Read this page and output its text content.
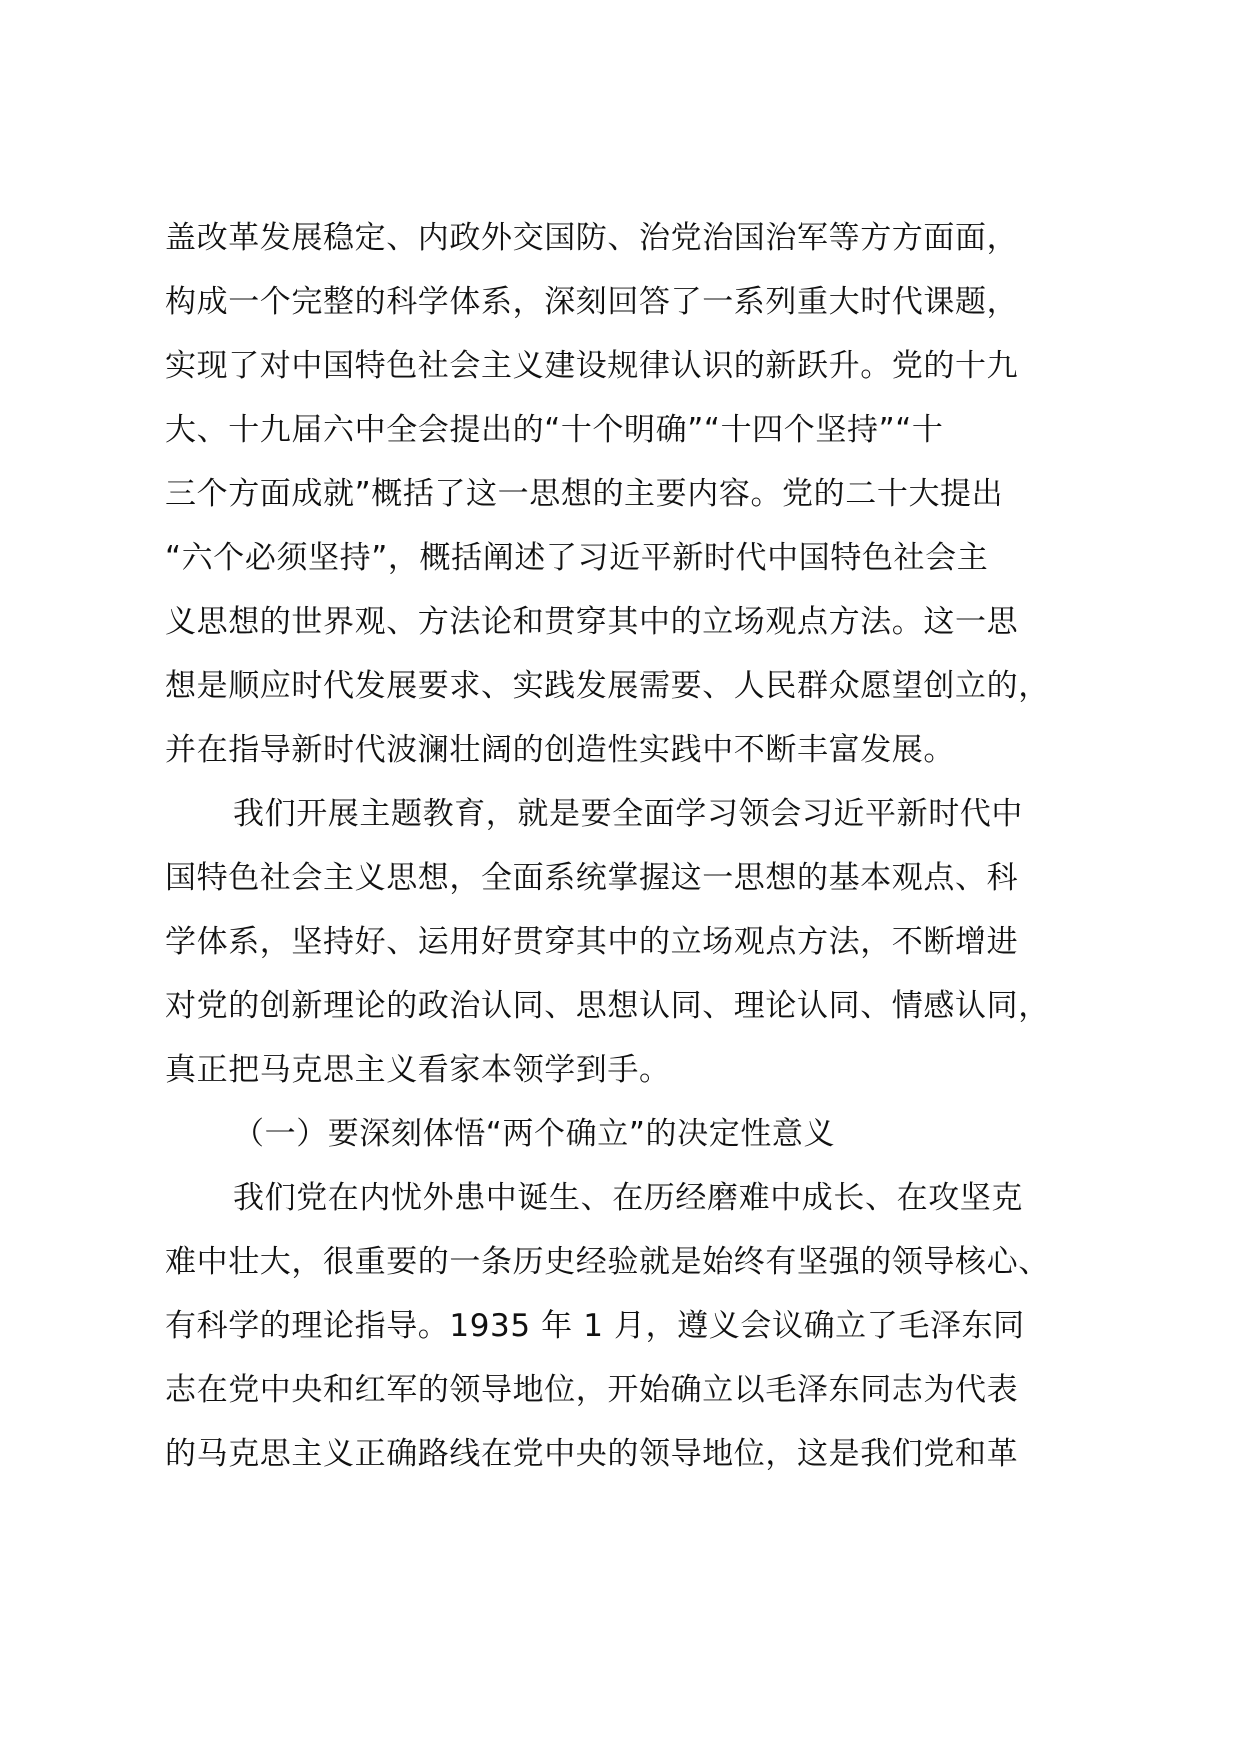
盖改革发展稳定、内政外交国防、治党治国治军等方方面面，
构成一个完整的科学体系，深刻回答了一系列重大时代课题，
实现了对中国特色社会主义建设规律认识的新跃升。党的十九
大、十九届六中全会提出的“十个明确”“十四个坚持”“十
三个方面成就”概括了这一思想的主要内容。党的二十大提出
“六个必须坚持”，概括阐述了习近平新时代中国特色社会主
义思想的世界观、方法论和贯穿其中的立场观点方法。这一思
想是顺应时代发展要求、实践发展需要、人民群众愿望创立的，
并在指导新时代波澜壮阔的创造性实践中不断丰富发展。
我们开展主题教育，就是要全面学习领会习近平新时代中
国特色社会主义思想，全面系统掌握这一思想的基本观点、科
学体系，坚持好、运用好贯穿其中的立场观点方法，不断增进
对党的创新理论的政治认同、思想认同、理论认同、情感认同，
真正把马克思主义看家本领学到手。
（一）要深刻体悟“两个确立”的决定性意义
我们党在内忧外患中诞生、在历经磨难中成长、在攻坚克
难中壮大，很重要的一条历史经验就是始终有坚强的领导核心、
有科学的理论指导。1935 年 1 月，遵义会议确立了毛泽东同
志在党中央和红军的领导地位，开始确立以毛泽东同志为代表
的马克思主义正确路线在党中央的领导地位，这是我们党和革
